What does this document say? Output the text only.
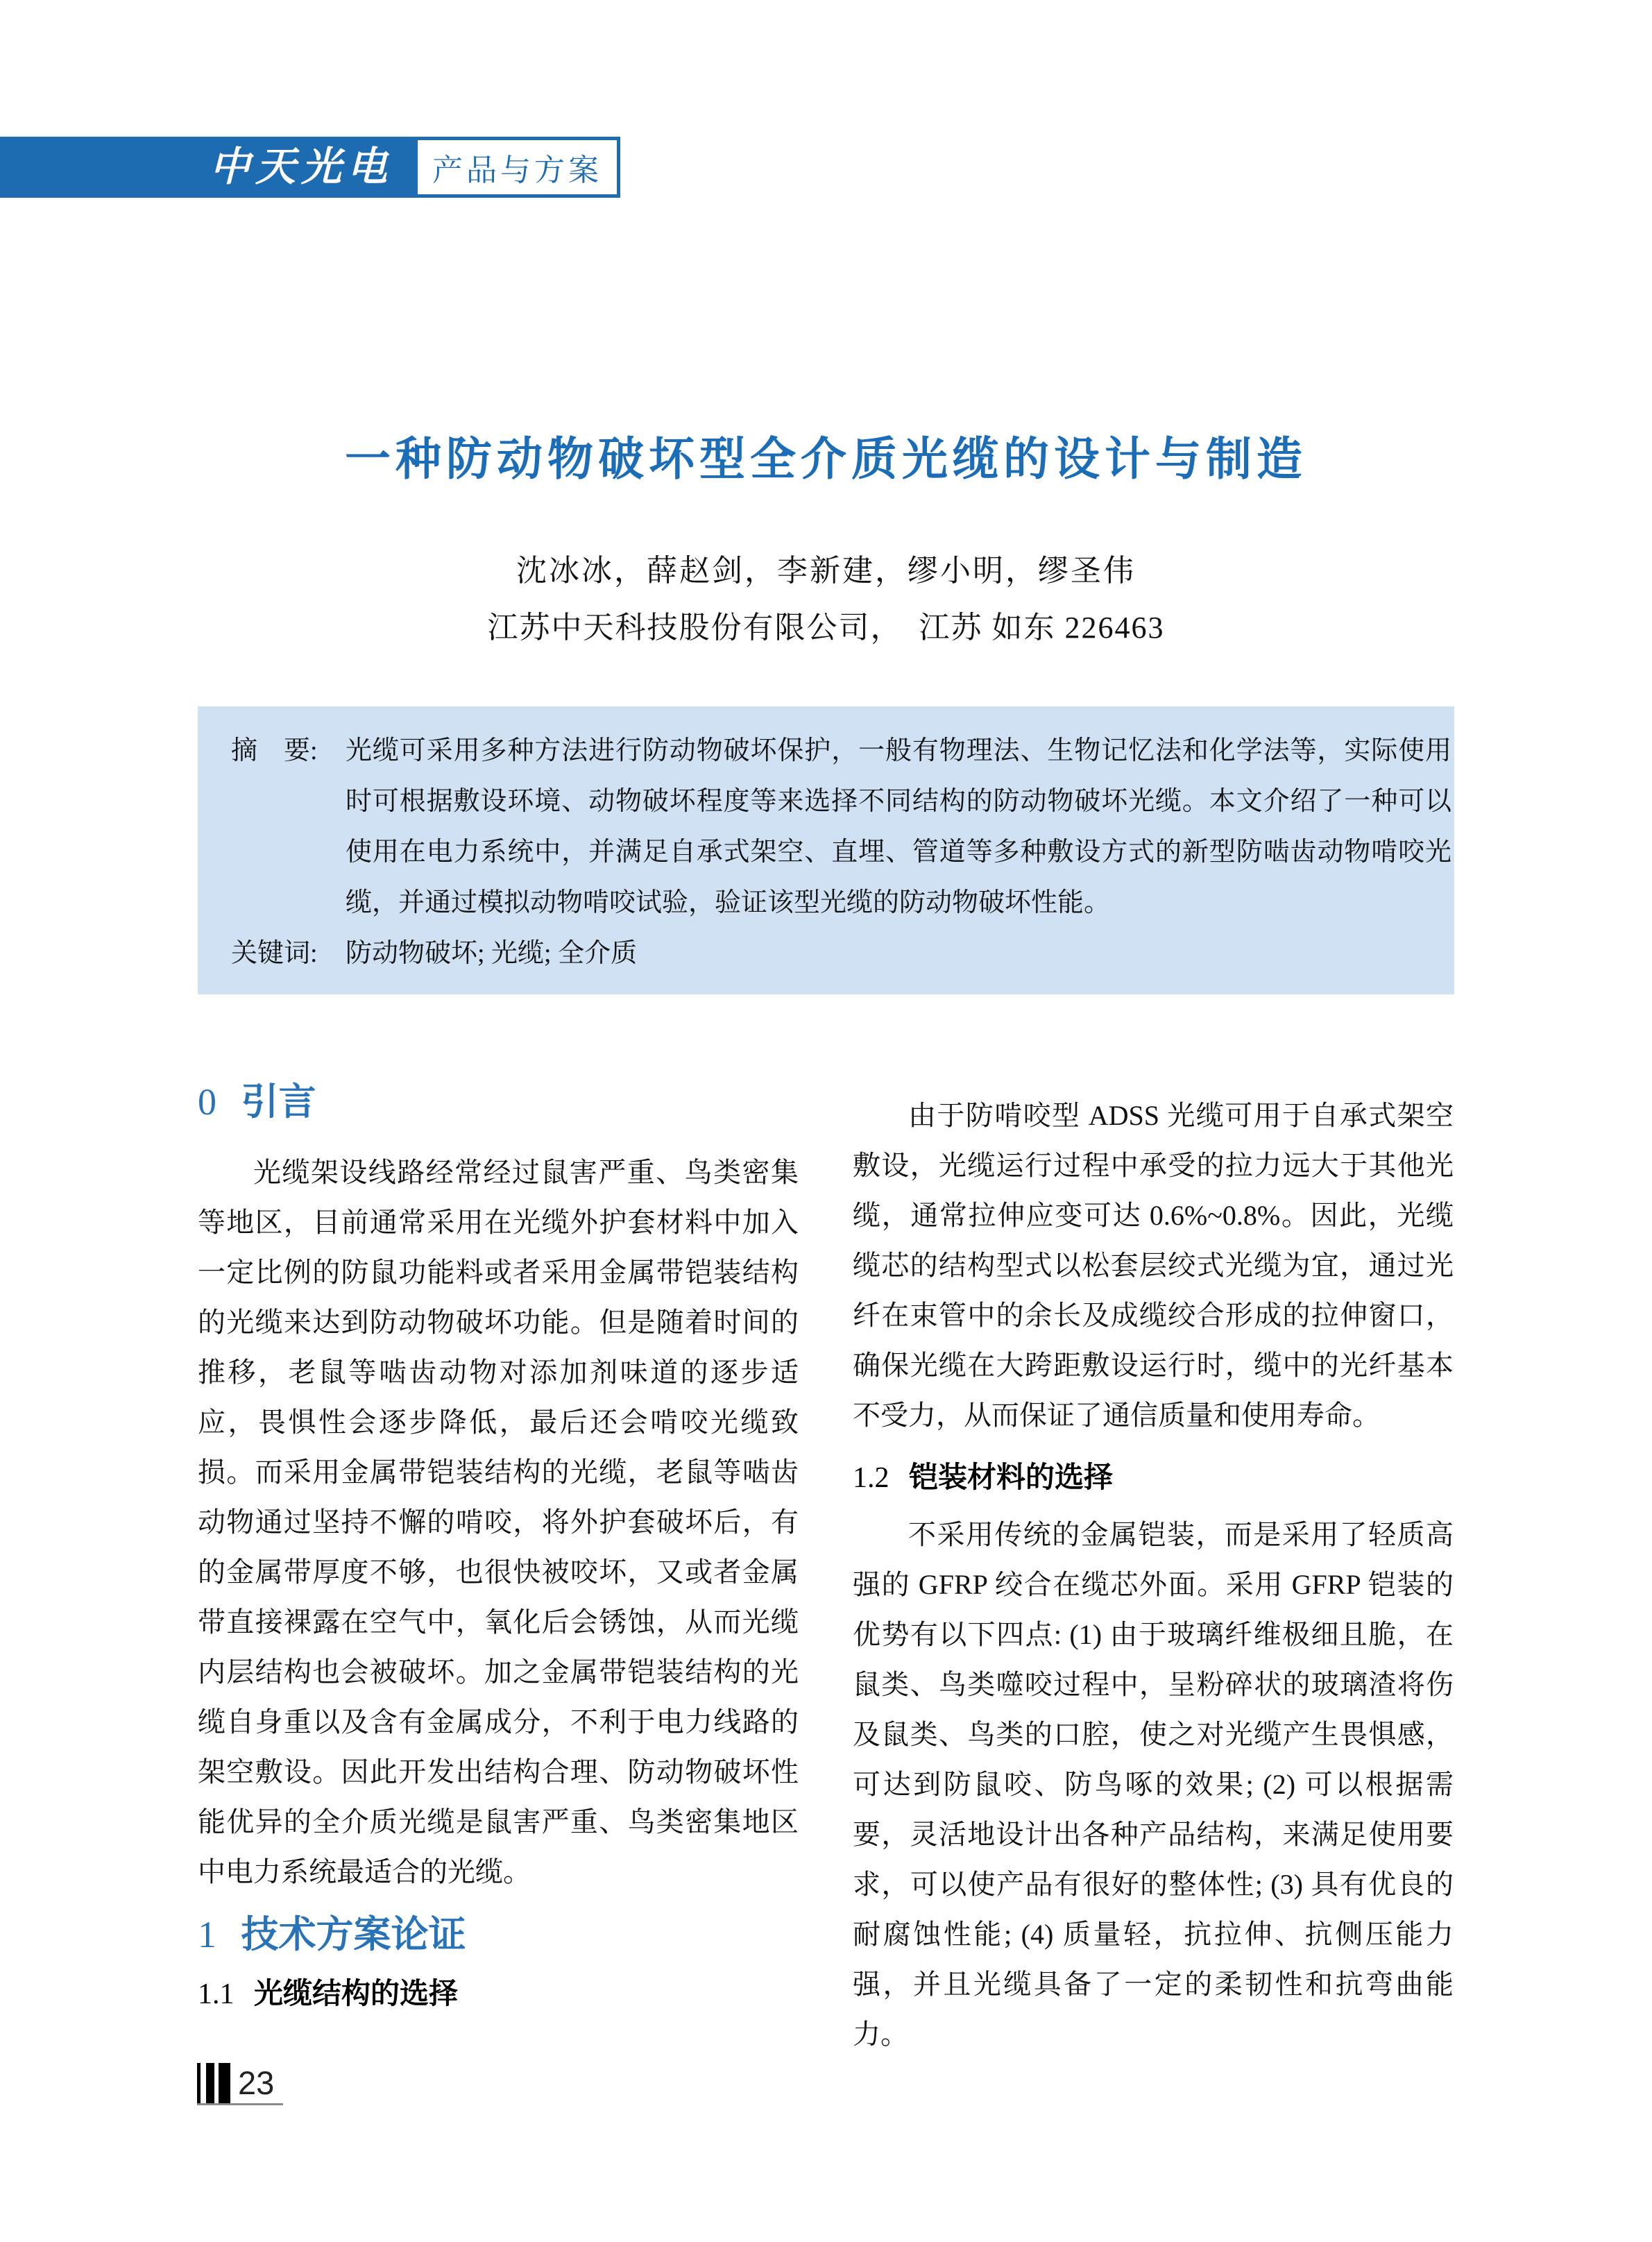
中天光电 产品与方案
一种防动物破坏型全介质光缆的设计与制造
沈冰冰，薛赵剑，李新建，缪小明，缪圣伟
江苏中天科技股份有限公司，　江苏 如东 226463
摘　要:	光缆可采用多种方法进行防动物破坏保护，一般有物理法、生物记忆法和化学法等，实际使用时可根据敷设环境、动物破坏程度等来选择不同结构的防动物破坏光缆。本文介绍了一种可以使用在电力系统中，并满足自承式架空、直埋、管道等多种敷设方式的新型防啮齿动物啃咬光缆，并通过模拟动物啃咬试验，验证该型光缆的防动物破坏性能。
关键词:	防动物破坏; 光缆; 全介质
0 引言

光缆架设线路经常经过鼠害严重、鸟类密集等地区，目前通常采用在光缆外护套材料中加入一定比例的防鼠功能料或者采用金属带铠装结构的光缆来达到防动物破坏功能。但是随着时间的推移，老鼠等啮齿动物对添加剂味道的逐步适应，畏惧性会逐步降低，最后还会啃咬光缆致损。而采用金属带铠装结构的光缆，老鼠等啮齿动物通过坚持不懈的啃咬，将外护套破坏后，有的金属带厚度不够，也很快被咬坏，又或者金属带直接裸露在空气中，氧化后会锈蚀，从而光缆内层结构也会被破坏。加之金属带铠装结构的光缆自身重以及含有金属成分，不利于电力线路的架空敷设。因此开发出结构合理、防动物破坏性能优异的全介质光缆是鼠害严重、鸟类密集地区中电力系统最适合的光缆。

1 技术方案论证
1.1 光缆结构的选择

由于防啃咬型 ADSS 光缆可用于自承式架空敷设，光缆运行过程中承受的拉力远大于其他光缆，通常拉伸应变可达 0.6%~0.8%。因此，光缆缆芯的结构型式以松套层绞式光缆为宜，通过光纤在束管中的余长及成缆绞合形成的拉伸窗口，确保光缆在大跨距敷设运行时，缆中的光纤基本不受力，从而保证了通信质量和使用寿命。

1.2 铠装材料的选择

不采用传统的金属铠装，而是采用了轻质高强的 GFRP 绞合在缆芯外面。采用 GFRP 铠装的优势有以下四点: (1) 由于玻璃纤维极细且脆，在鼠类、鸟类噬咬过程中，呈粉碎状的玻璃渣将伤及鼠类、鸟类的口腔，使之对光缆产生畏惧感，可达到防鼠咬、防鸟啄的效果; (2) 可以根据需要，灵活地设计出各种产品结构，来满足使用要求，可以使产品有很好的整体性; (3) 具有优良的耐腐蚀性能; (4) 质量轻，抗拉伸、抗侧压能力强，并且光缆具备了一定的柔韧性和抗弯曲能力。

23
